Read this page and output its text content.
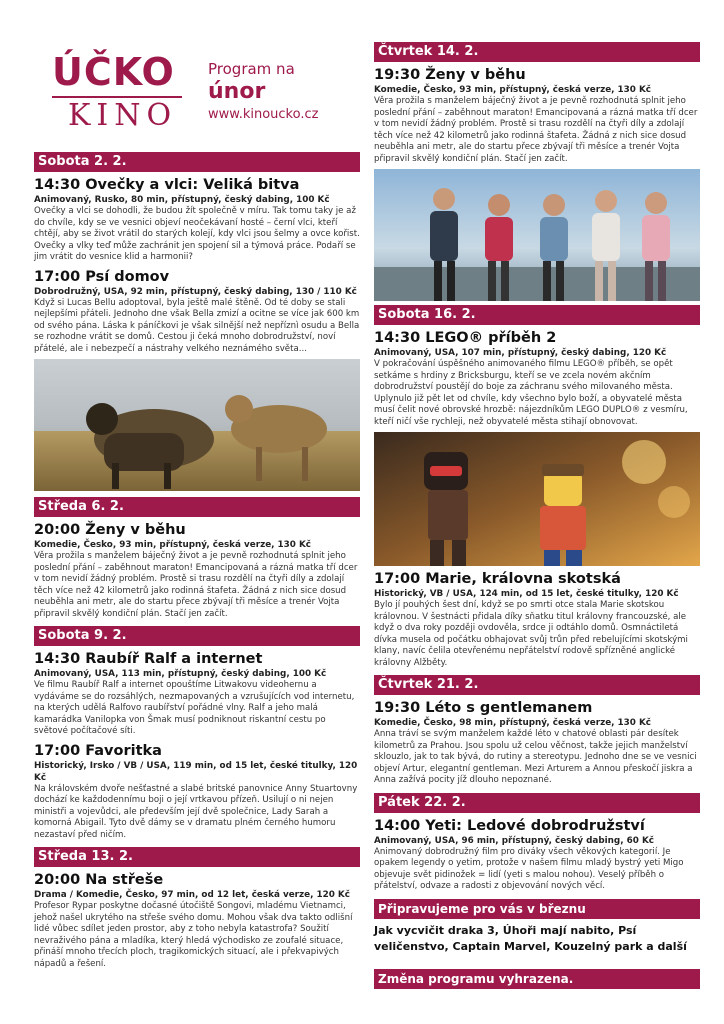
ÚČKO
KINO
Program na
únor
www.kinoucko.cz
Sobota 2. 2.
14:30 Ovečky a vlci: Veliká bitva
Animovaný, Rusko, 80 min, přístupný, český dabing, 100 Kč
Ovečky a vlci se dohodli, že budou žít společně v míru. Tak tomu taky je až do chvíle, kdy se ve vesnici objeví neočekávaní hosté – černí vlci, kteří chtějí, aby se život vrátil do starých kolejí, kdy vlci jsou šelmy a ovce kořist. Ovečky a vlky teď může zachránit jen spojení sil a týmová práce. Podaří se jim vrátit do vesnice klid a harmonii?
17:00 Psí domov
Dobrodružný, USA, 92 min, přístupný, český dabing, 130 / 110 Kč
Když si Lucas Bellu adoptoval, byla ještě malé štěně. Od té doby se stali nejlepšími přáteli. Jednoho dne však Bella zmizí a ocitne se více jak 600 km od svého pána. Láska k páníčkovi je však silnější než nepříznì osudu a Bella se rozhodne vrátit se domů. Cestou ji čeká mnoho dobrodružství, noví přátelé, ale i nebezpečí a nástrahy velkého neznámého světa...
Středa 6. 2.
20:00 Ženy v běhu
Komedie, Česko, 93 min, přístupný, česká verze, 130 Kč
Věra prožila s manželem báječný život a je pevně rozhodnutá splnit jeho poslední přání – zaběhnout maraton! Emancipovaná a rázná matka tří dcer v tom nevidí žádný problém. Prostě si trasu rozdělí na čtyři díly a zdolají těch více než 42 kilometrů jako rodinná štafeta. Žádná z nich sice dosud neuběhla ani metr, ale do startu přece zbývají tři měsíce a trenér Vojta připravil skvělý kondiční plán. Stačí jen začít.
Sobota 9. 2.
14:30 Raubíř Ralf a internet
Animovaný, USA, 113 min, přístupný, český dabing, 100 Kč
Ve filmu Raubíř Ralf a internet opouštíme Litwakovu videohernu a vydáváme se do rozsáhlých, nezmapovaných a vzrušujících vod internetu, na kterých udělá Ralfovo raubířství pořádné vlny. Ralf a jeho malá kamarádka Vanilopka von Šmak musí podniknout riskantní cestu po světové počítačové síti.
17:00 Favoritka
Historický, Irsko / VB / USA, 119 min, od 15 let, české titulky, 120 Kč
Na královském dvoře nešťastné a slabé britské panovnice Anny Stuartovny dochází ke každodennímu boji o její vrtkavou přízeň. Usilují o ni nejen ministři a vojevůdci, ale především její dvě společnice, Lady Sarah a komorná Abigail. Tyto dvě dámy se v dramatu plném černého humoru nezastaví před ničím.
Středa 13. 2.
20:00 Na střeše
Drama / Komedie, Česko, 97 min, od 12 let, česká verze, 120 Kč
Profesor Rypar poskytne dočasné útočiště Songovi, mladému Vietnamci, jehož našel ukrytého na střeše svého domu. Mohou však dva takto odlišní lidé vůbec sdílet jeden prostor, aby z toho nebyla katastrofa? Soužití nevraživého pána a mladíka, který hledá východisko ze zoufalé situace, přináší mnoho třecích ploch, tragikomických situací, ale i překvapivých nápadů a řešení.
Čtvrtek 14. 2.
19:30 Ženy v běhu
Komedie, Česko, 93 min, přístupný, česká verze, 130 Kč
Věra prožila s manželem báječný život a je pevně rozhodnutá splnit jeho poslední přání – zaběhnout maraton! Emancipovaná a rázná matka tří dcer v tom nevidí žádný problém. Prostě si trasu rozdělí na čtyři díly a zdolají těch více než 42 kilometrů jako rodinná štafeta. Žádná z nich sice dosud neuběhla ani metr, ale do startu přece zbývají tři měsíce a trenér Vojta připravil skvělý kondiční plán. Stačí jen začít.
Sobota 16. 2.
14:30 LEGO® příběh 2
Animovaný, USA, 107 min, přístupný, český dabing, 120 Kč
V pokračování úspěšného animovaného filmu LEGO® příběh, se opět setkáme s hrdiny z Bricksburgu, kteří se ve zcela novém akčním dobrodružství poustějí do boje za záchranu svého milovaného města. Uplynulo již pět let od chvíle, kdy všechno bylo boží, a obyvatelé města musí čelit nové obrovské hrozbě: nájezdníkům LEGO DUPLO® z vesmíru, kteří ničí vše rychleji, než obyvatelé města stihají obnovovat.
17:00 Marie, královna skotská
Historický, VB / USA, 124 min, od 15 let, české titulky, 120 Kč
Bylo jí pouhých šest dní, když se po smrti otce stala Marie skotskou královnou. V šestnácti přidala díky sňatku titul královny francouzské, ale když o dva roky později ovdověla, srdce ji odtáhlo domů. Osmnáctiletá dívka musela od počátku obhajovat svůj trůn před rebelujícími skotskými klany, navíc čelila otevřenému nepřátelství rodově spřízněné anglické královny Alžběty.
Čtvrtek 21. 2.
19:30 Léto s gentlemanem
Komedie, Česko, 98 min, přístupný, česká verze, 130 Kč
Anna tráví se svým manželem každé léto v chatové oblasti pár desítek kilometrů za Prahou. Jsou spolu už celou věčnost, takže jejich manželství sklouzlo, jak to tak bývá, do rutiny a stereotypu. Jednoho dne se ve vesnici objeví Artur, elegantní gentleman. Mezi Arturem a Annou přeskočí jiskra a Anna zažívá pocity jíž dlouho nepoznané.
Pátek 22. 2.
14:00 Yeti: Ledové dobrodružství
Animovaný, USA, 96 min, přístupný, český dabing, 60 Kč
Animovaný dobrodružný film pro diváky všech věkových kategorií. Je opakem legendy o yetim, protože v našem filmu mladý bystrý yeti Migo objevuje svět pidinožek = lidí (yeti s malou nohou). Veselý příběh o přátelství, odvaze a radosti z objevování nových věcí.
Připravujeme pro vás v březnu
Jak vycvičit draka 3, Úhoři mají nabito, Psí veličenstvo, Captain Marvel, Kouzelný park a další
Změna programu vyhrazena.
